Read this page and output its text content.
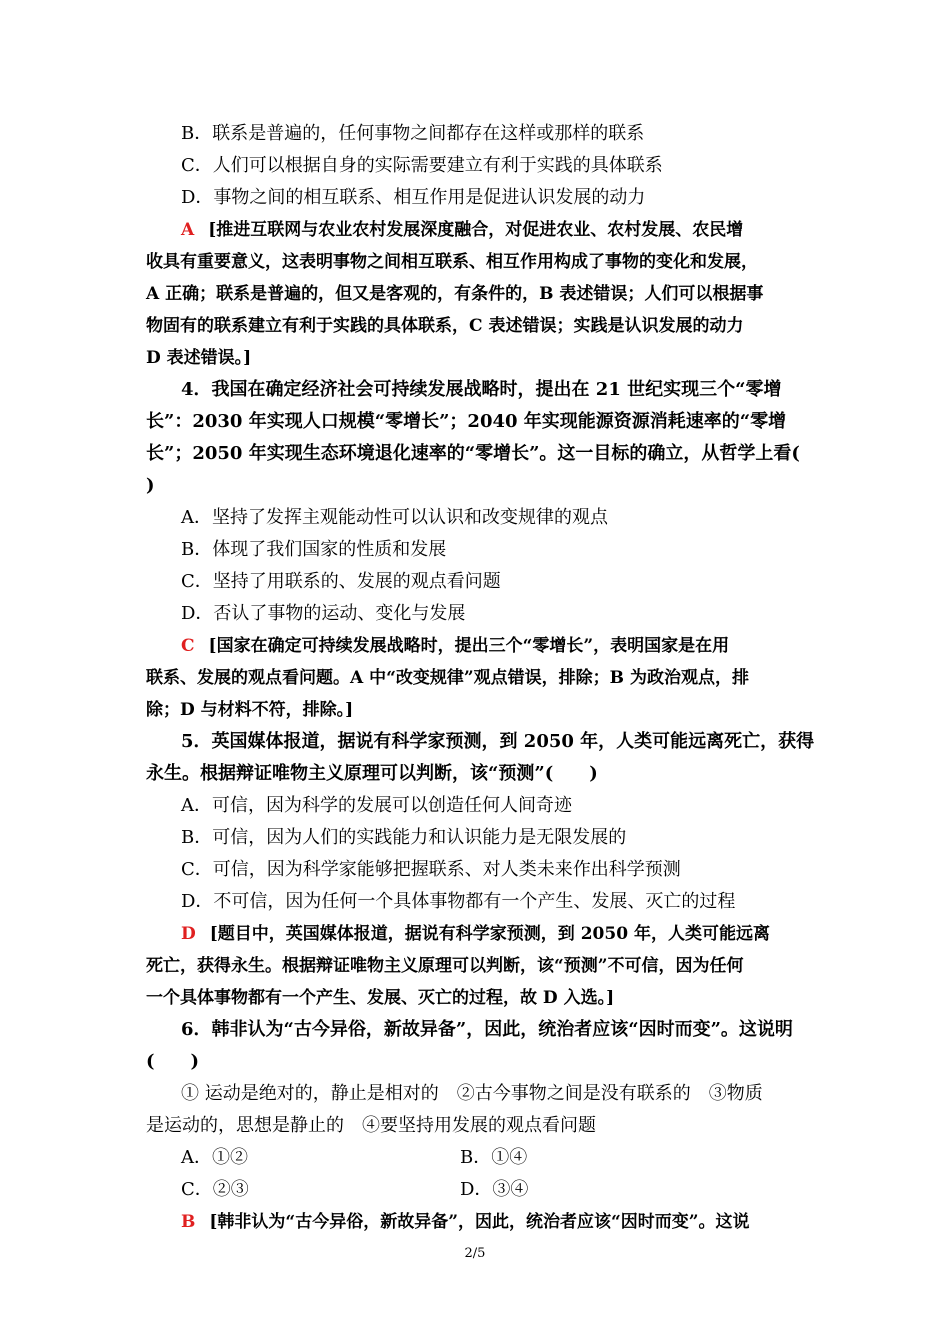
B．联系是普遍的，任何事物之间都存在这样或那样的联系
C．人们可以根据自身的实际需要建立有利于实践的具体联系
D．事物之间的相互联系、相互作用是促进认识发展的动力
A [推进互联网与农业农村发展深度融合，对促进农业、农村发展、农民增
收具有重要意义，这表明事物之间相互联系、相互作用构成了事物的变化和发展，
A 正确；联系是普遍的，但又是客观的，有条件的，B 表述错误；人们可以根据事
物固有的联系建立有利于实践的具体联系，C 表述错误；实践是认识发展的动力
D 表述错误。]
4．我国在确定经济社会可持续发展战略时，提出在 21 世纪实现三个“零增
长”：2030 年实现人口规模“零增长”；2040 年实现能源资源消耗速率的“零增
长”；2050 年实现生态环境退化速率的“零增长”。这一目标的确立，从哲学上看(
)
A．坚持了发挥主观能动性可以认识和改变规律的观点
B．体现了我们国家的性质和发展
C．坚持了用联系的、发展的观点看问题
D．否认了事物的运动、变化与发展
C [国家在确定可持续发展战略时，提出三个“零增长”，表明国家是在用
联系、发展的观点看问题。A 中“改变规律”观点错误，排除；B 为政治观点，排
除；D 与材料不符，排除。]
5．英国媒体报道，据说有科学家预测，到 2050 年，人类可能远离死亡，获得
永生。根据辩证唯物主义原理可以判断，该“预测”(　　)
A．可信，因为科学的发展可以创造任何人间奇迹
B．可信，因为人们的实践能力和认识能力是无限发展的
C．可信，因为科学家能够把握联系、对人类未来作出科学预测
D．不可信，因为任何一个具体事物都有一个产生、发展、灭亡的过程
D [题目中，英国媒体报道，据说有科学家预测，到 2050 年，人类可能远离
死亡，获得永生。根据辩证唯物主义原理可以判断，该“预测”不可信，因为任何
一个具体事物都有一个产生、发展、灭亡的过程，故 D 入选。]
6．韩非认为“古今异俗，新故异备”，因此，统治者应该“因时而变”。这说明
(　　)
① 运动是绝对的，静止是相对的　②古今事物之间是没有联系的　③物质
是运动的，思想是静止的　④要坚持用发展的观点看问题
A．①②	B．①④
C．②③	D．③④
B [韩非认为“古今异俗，新故异备”，因此，统治者应该“因时而变”。这说
2/5
